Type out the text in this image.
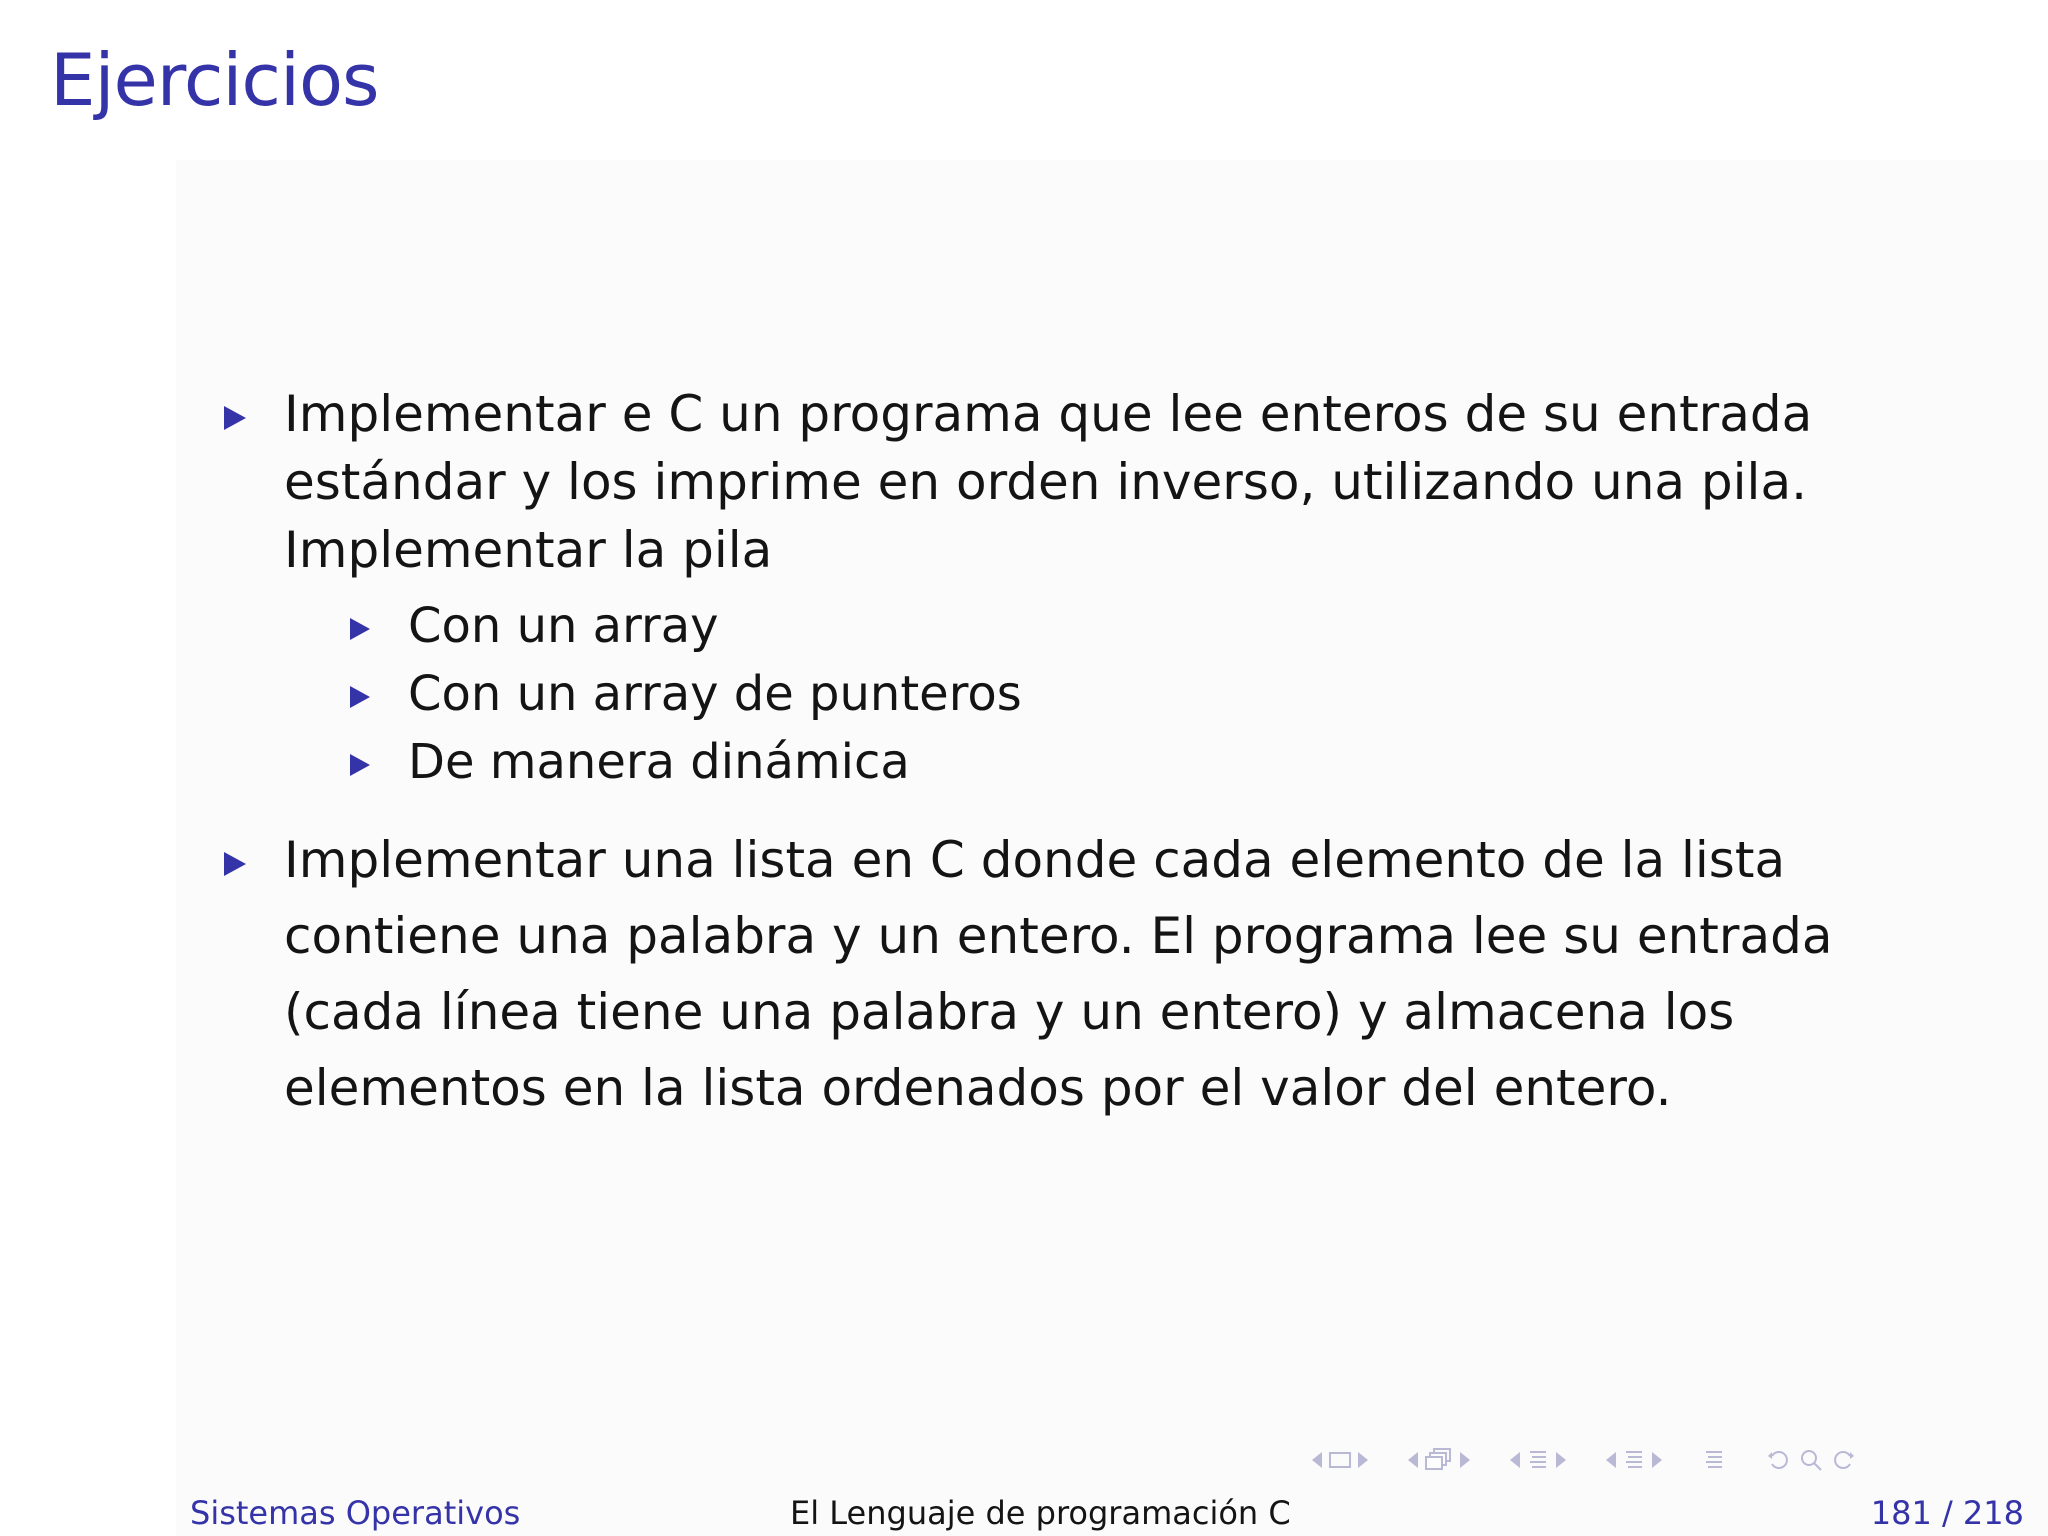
Ejercicios
Implementar e C un programa que lee enteros de su entrada
estándar y los imprime en orden inverso, utilizando una pila.
Implementar la pila
Con un array
Con un array de punteros
De manera dinámica
Implementar una lista en C donde cada elemento de la lista
contiene una palabra y un entero. El programa lee su entrada
(cada línea tiene una palabra y un entero) y almacena los
elementos en la lista ordenados por el valor del entero.
Sistemas Operativos	El Lenguaje de programación C	181 / 218
